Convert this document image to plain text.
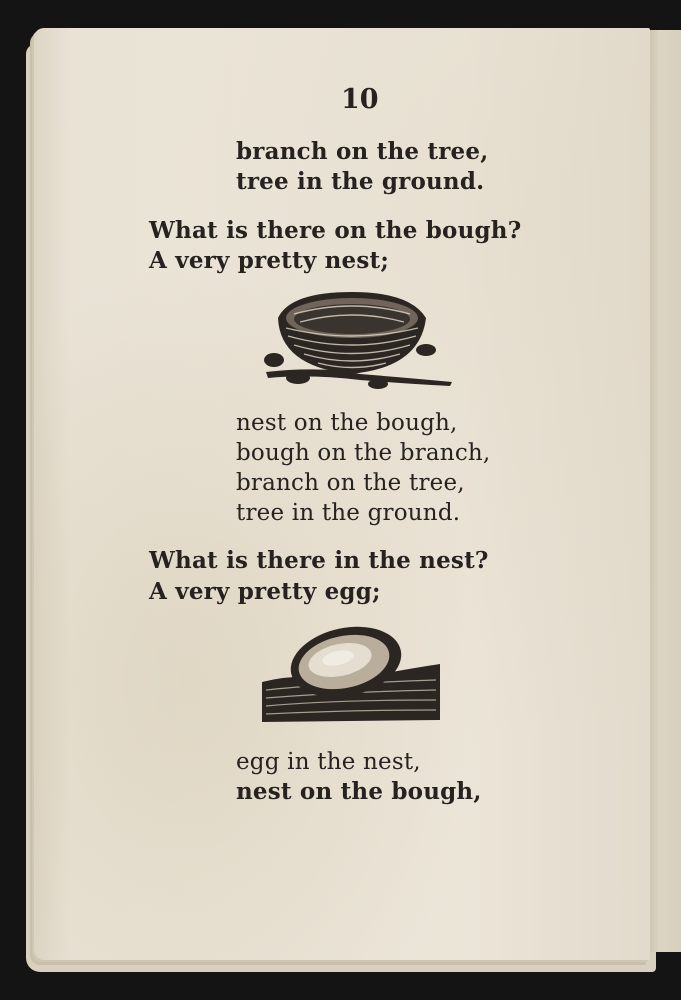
10
branch on the tree,
tree in the ground.
What is there on the bough?
A very pretty nest;
nest on the bough,
bough on the branch,
branch on the tree,
tree in the ground.
What is there in the nest?
A very pretty egg;
egg in the nest,
nest on the bough,
